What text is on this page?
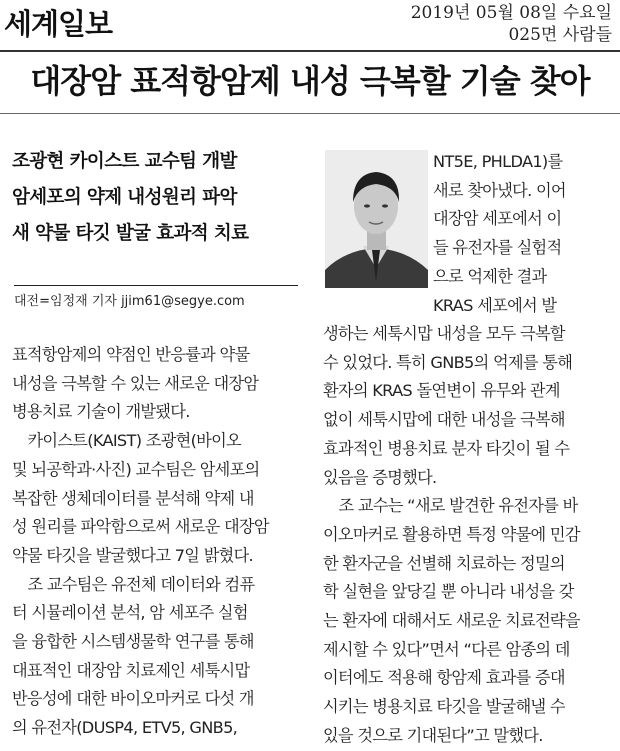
세계일보	2019년 05월 08일 수요일
025면 사람들
대장암 표적항암제 내성 극복할 기술 찾아
조광현 카이스트 교수팀 개발
암세포의 약제 내성원리 파악
새 약물 타깃 발굴 효과적 치료
대전=임정재 기자 jjim61@segye.com
표적항암제의 약점인 반응률과 약물
내성을 극복할 수 있는 새로운 대장암
병용치료 기술이 개발됐다.
　카이스트(KAIST) 조광현(바이오
및 뇌공학과·사진) 교수팀은 암세포의
복잡한 생체데이터를 분석해 약제 내
성 원리를 파악함으로써 새로운 대장암
약물 타깃을 발굴했다고 7일 밝혔다.
　조 교수팀은 유전체 데이터와 컴퓨
터 시뮬레이션 분석, 암 세포주 실험
을 융합한 시스템생물학 연구를 통해
대표적인 대장암 치료제인 세툭시맙
반응성에 대한 바이오마커로 다섯 개
의 유전자(DUSP4, ETV5, GNB5,
NT5E, PHLDA1)를
새로 찾아냈다. 이어
대장암 세포에서 이
들 유전자를 실험적
으로 억제한 결과
KRAS 세포에서 발
생하는 세툭시맙 내성을 모두 극복할
수 있었다. 특히 GNB5의 억제를 통해
환자의 KRAS 돌연변이 유무와 관계
없이 세툭시맙에 대한 내성을 극복해
효과적인 병용치료 분자 타깃이 될 수
있음을 증명했다.
　조 교수는 “새로 발견한 유전자를 바
이오마커로 활용하면 특정 약물에 민감
한 환자군을 선별해 치료하는 정밀의
학 실현을 앞당길 뿐 아니라 내성을 갖
는 환자에 대해서도 새로운 치료전략을
제시할 수 있다”면서 “다른 암종의 데
이터에도 적용해 항암제 효과를 증대
시키는 병용치료 타깃을 발굴해낼 수
있을 것으로 기대된다”고 말했다.
